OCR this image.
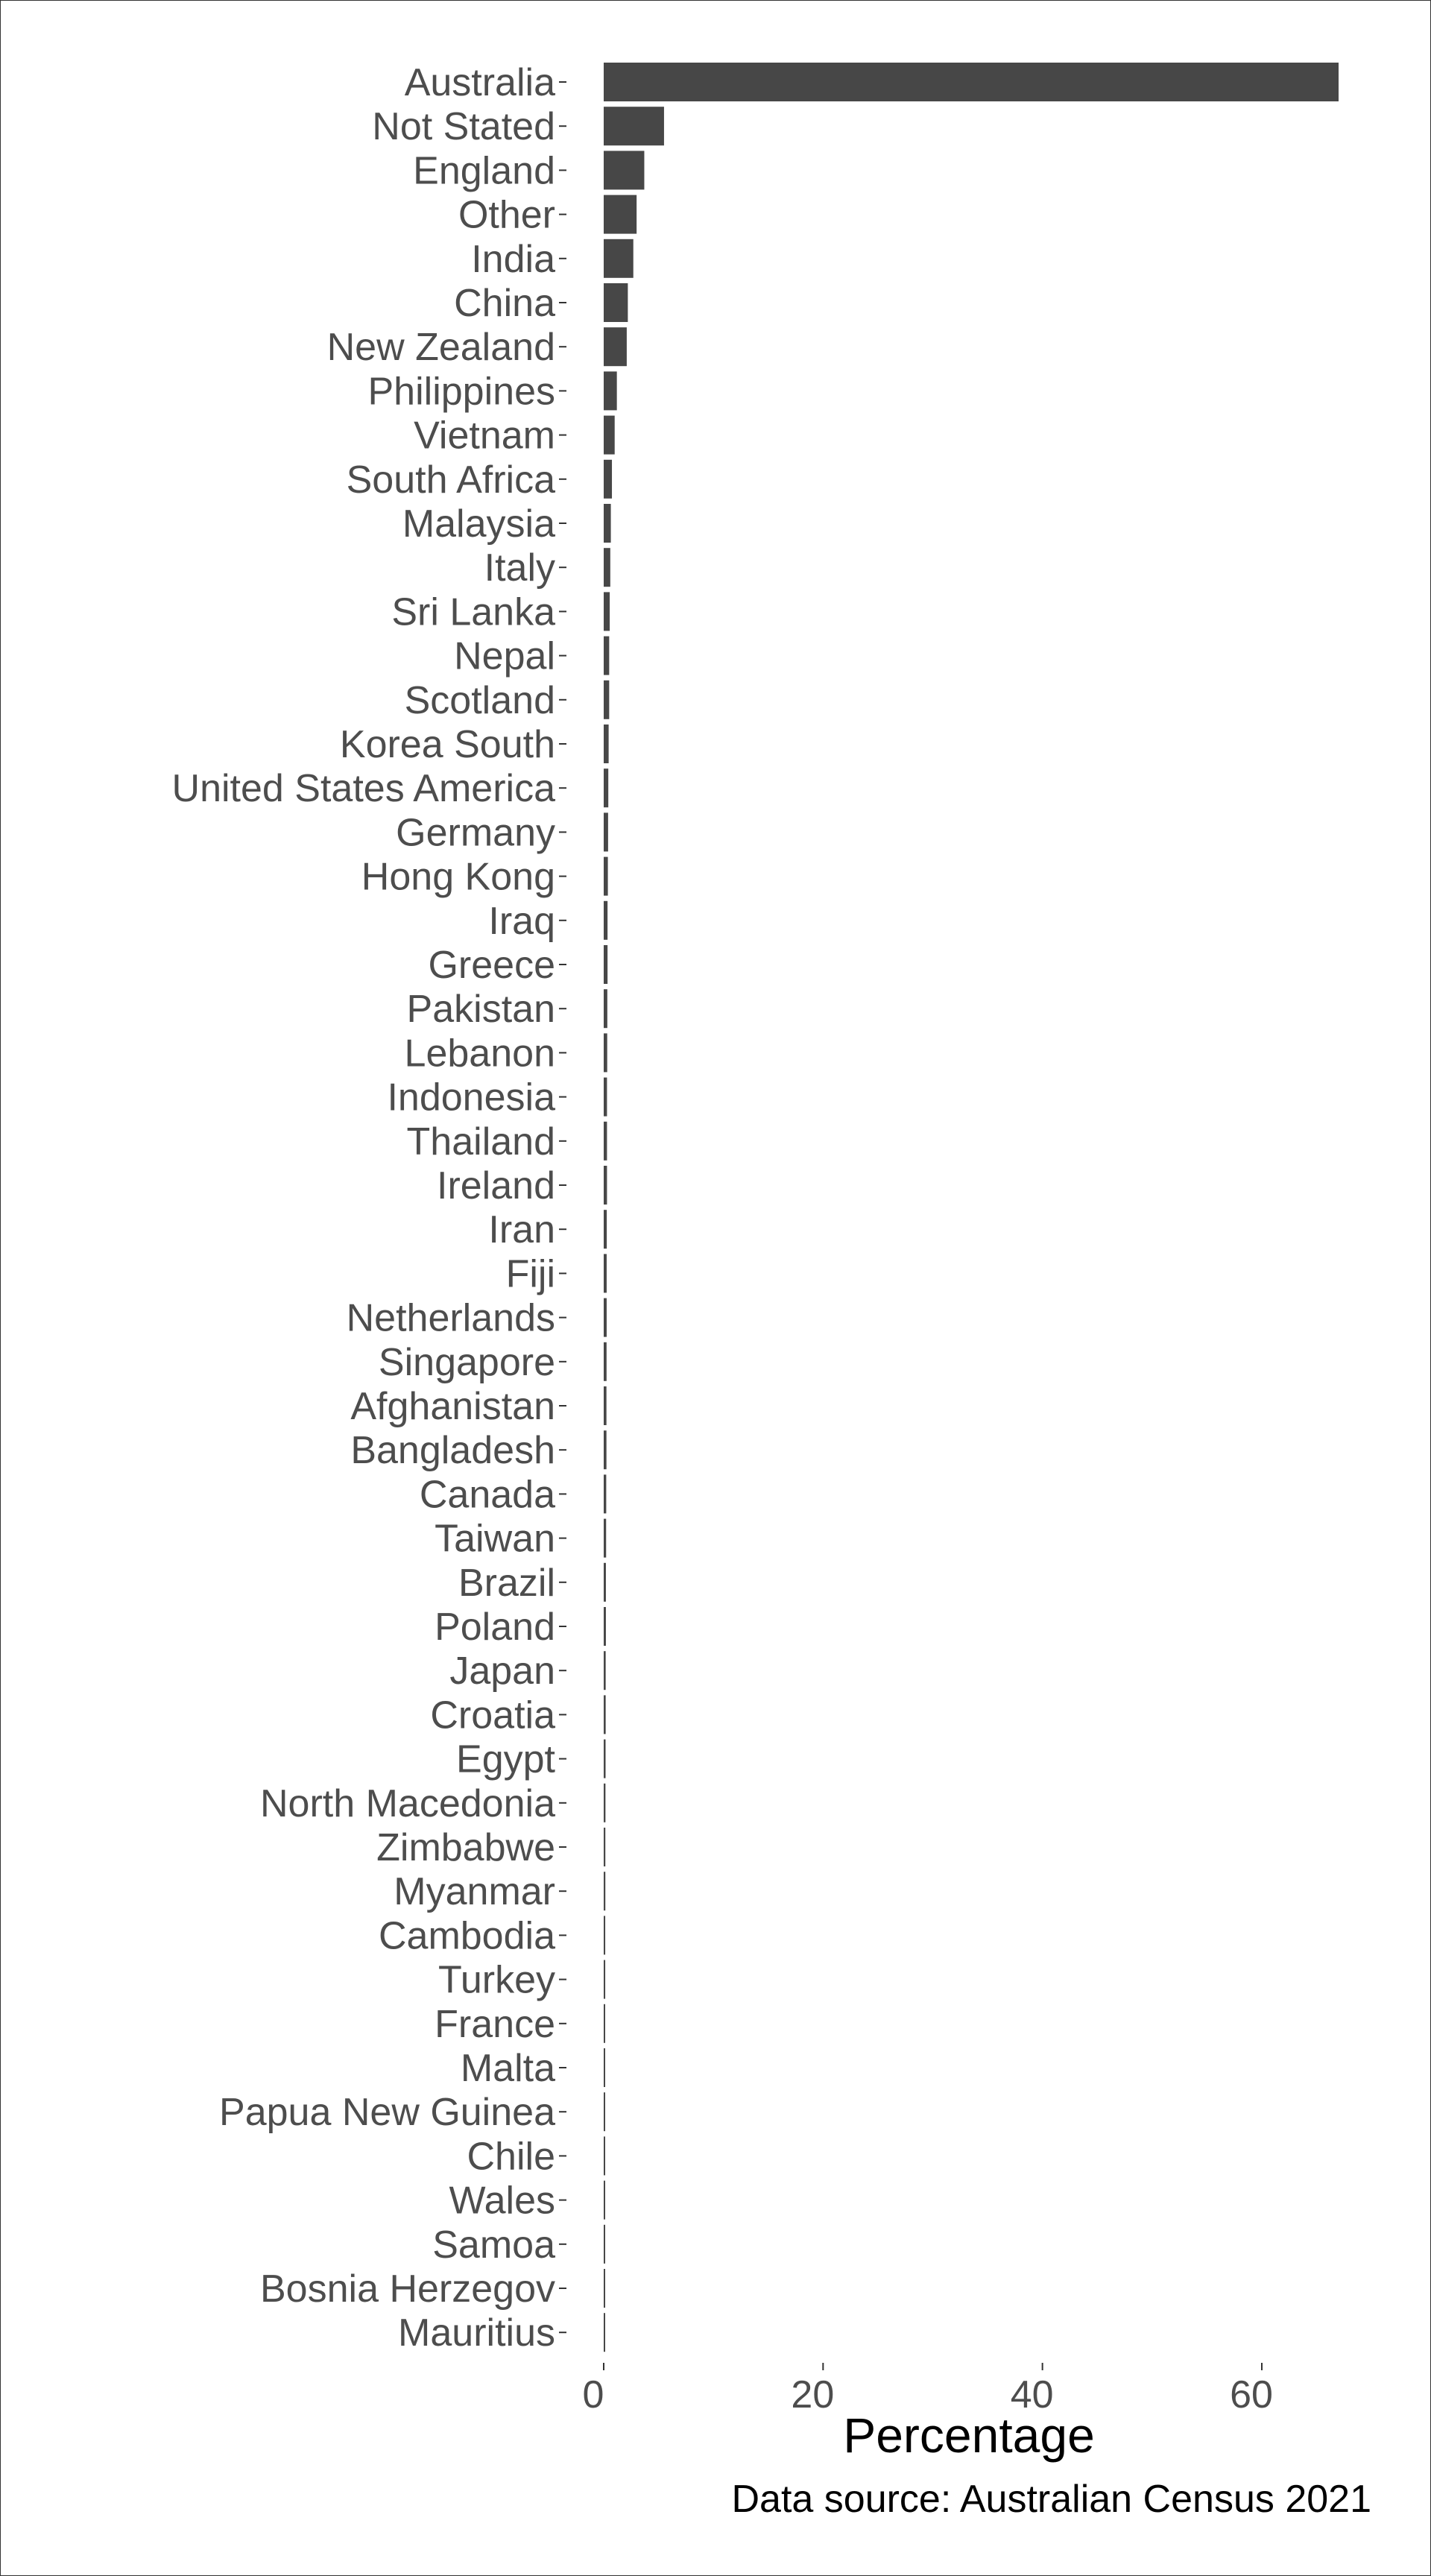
Australia
Not Stated
England
Other
India
China
New Zealand
Philippines
Vietnam
South Africa
Malaysia
Italy
Sri Lanka
Nepal
Scotland
Korea South
United States America
Germany
Hong Kong
Iraq
Greece
Pakistan
Lebanon
Indonesia
Thailand
Ireland
Iran
Fiji
Netherlands
Singapore
Afghanistan
Bangladesh
Canada
Taiwan
Brazil
Poland
Japan
Croatia
Egypt
North Macedonia
Zimbabwe
Myanmar
Cambodia
Turkey
France
Malta
Papua New Guinea
Chile
Wales
Samoa
Bosnia Herzegov
Mauritius
0	20	40	60
Percentage
Data source: Australian Census 2021
